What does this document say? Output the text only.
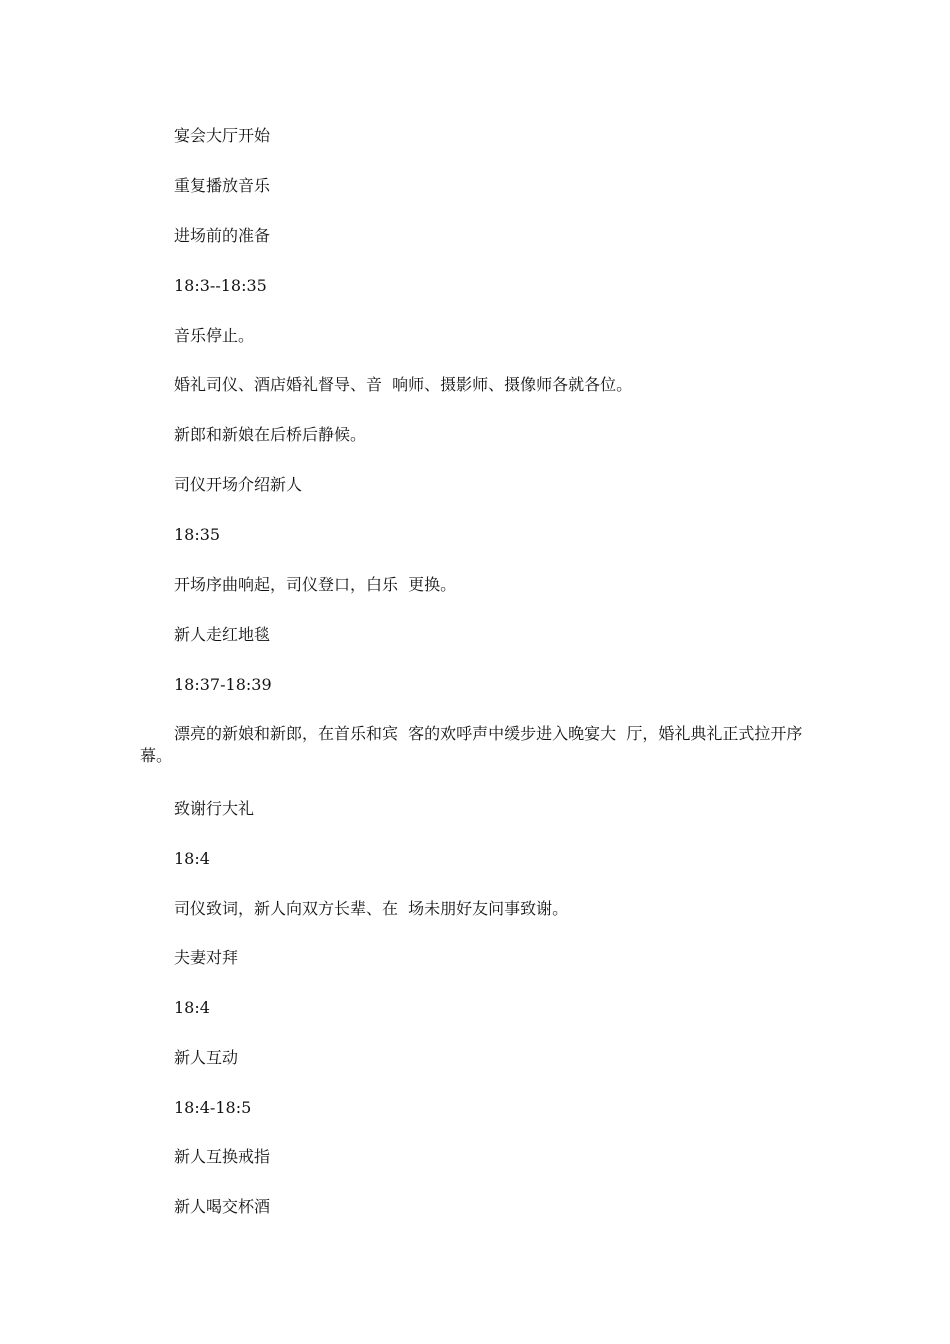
宴会大厅开始

重复播放音乐

进场前的准备

18:3--18:35

音乐停止。

婚礼司仪、酒店婚礼督导、音  响师、摄影师、摄像师各就各位。

新郎和新娘在后桥后静候。

司仪开场介绍新人

18:35

开场序曲响起，司仪登口，白乐  更换。

新人走红地毯

18:37-18:39

漂亮的新娘和新郎，在首乐和宾  客的欢呼声中缓步进入晚宴大  厅，婚礼典礼正式拉开序幕。

致谢行大礼

18:4

司仪致词，新人向双方长辈、在  场未朋好友问事致谢。

夫妻对拜

18:4

新人互动

18:4-18:5

新人互换戒指

新人喝交杯酒
